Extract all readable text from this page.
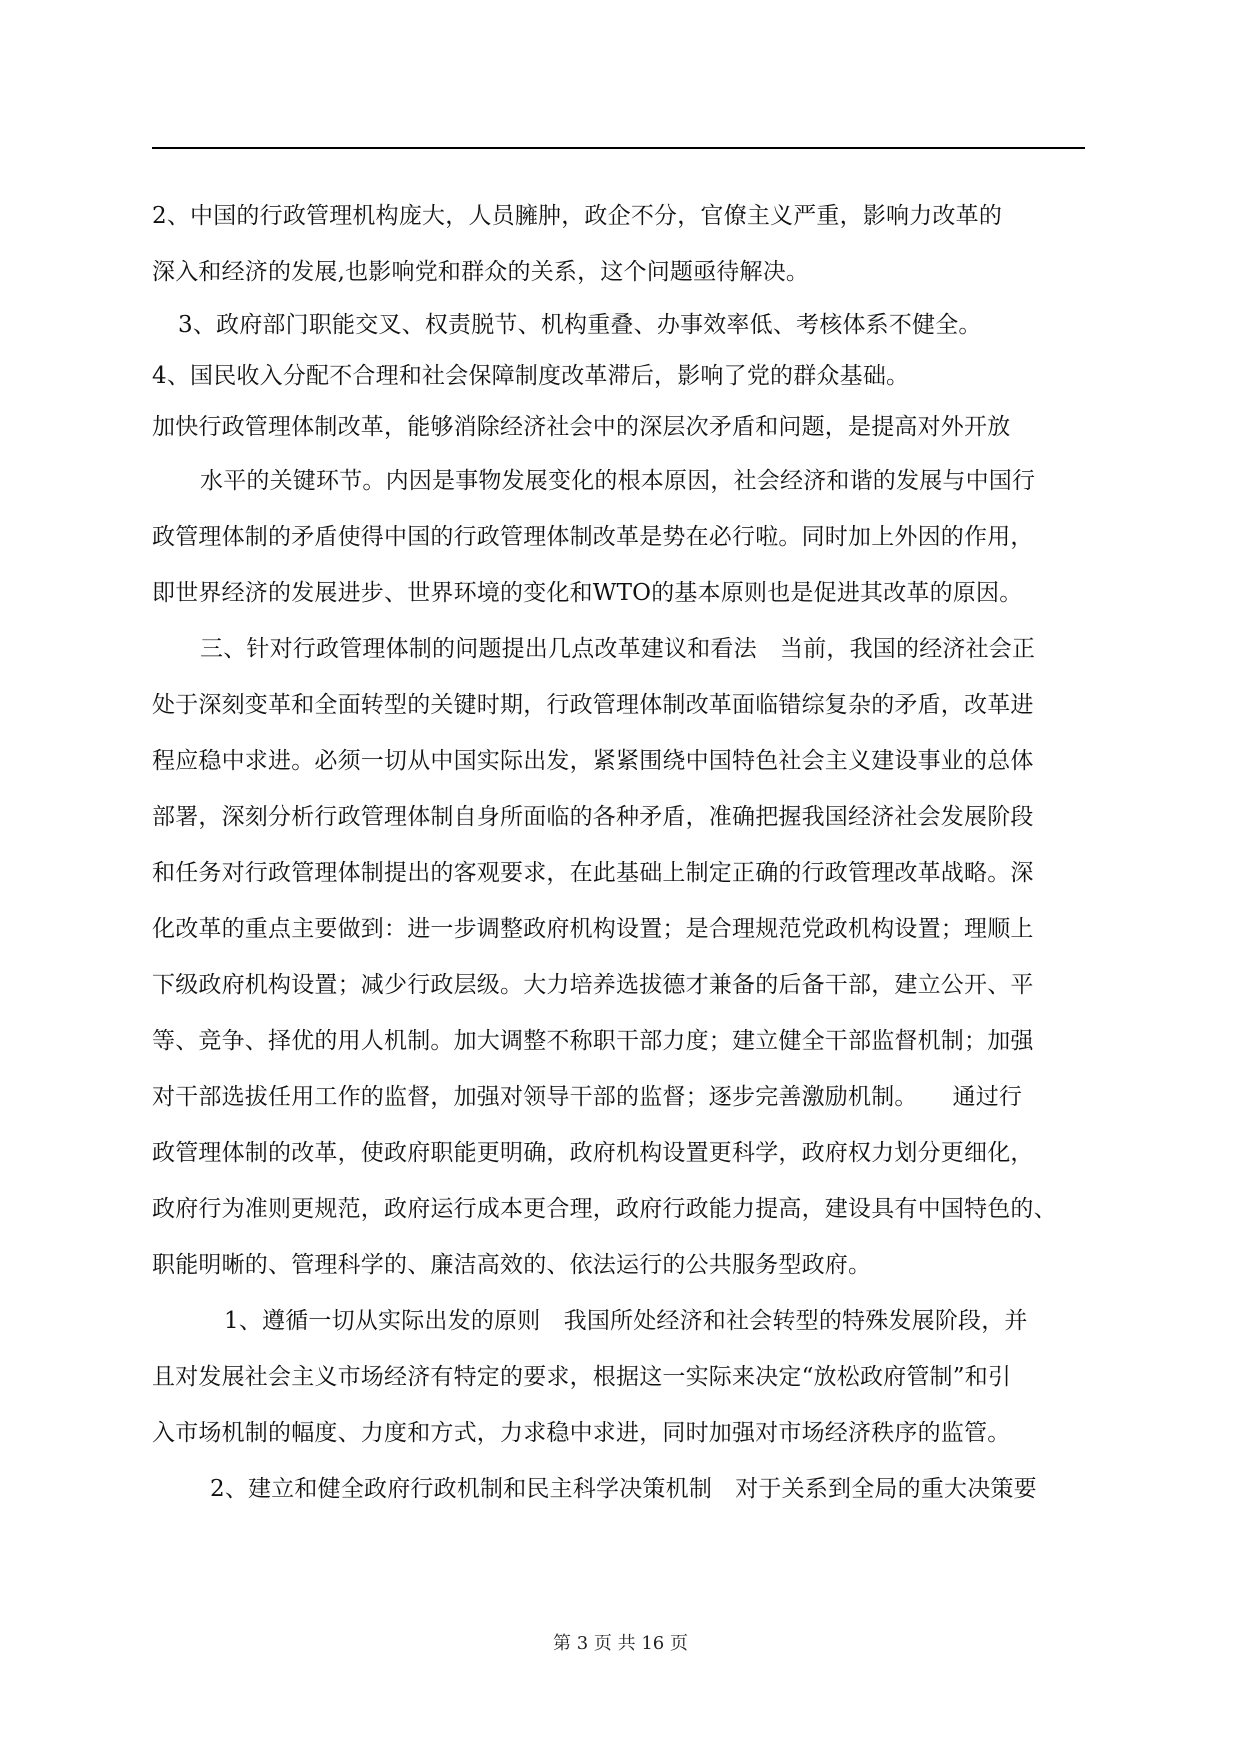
2、中国的行政管理机构庞大，人员臃肿，政企不分，官僚主义严重，影响力改革的
深入和经济的发展,也影响党和群众的关系，这个问题亟待解决。
3、政府部门职能交叉、权责脱节、机构重叠、办事效率低、考核体系不健全。
4、国民收入分配不合理和社会保障制度改革滞后，影响了党的群众基础。
加快行政管理体制改革，能够消除经济社会中的深层次矛盾和问题，是提高对外开放
水平的关键环节。内因是事物发展变化的根本原因，社会经济和谐的发展与中国行
政管理体制的矛盾使得中国的行政管理体制改革是势在必行啦。同时加上外因的作用，
即世界经济的发展进步、世界环境的变化和WTO的基本原则也是促进其改革的原因。
三、针对行政管理体制的问题提出几点改革建议和看法　当前，我国的经济社会正
处于深刻变革和全面转型的关键时期，行政管理体制改革面临错综复杂的矛盾，改革进
程应稳中求进。必须一切从中国实际出发，紧紧围绕中国特色社会主义建设事业的总体
部署，深刻分析行政管理体制自身所面临的各种矛盾，准确把握我国经济社会发展阶段
和任务对行政管理体制提出的客观要求，在此基础上制定正确的行政管理改革战略。深
化改革的重点主要做到：进一步调整政府机构设置；是合理规范党政机构设置；理顺上
下级政府机构设置；减少行政层级。大力培养选拔德才兼备的后备干部，建立公开、平
等、竞争、择优的用人机制。加大调整不称职干部力度；建立健全干部监督机制；加强
对干部选拔任用工作的监督，加强对领导干部的监督；逐步完善激励机制。　　通过行
政管理体制的改革，使政府职能更明确，政府机构设置更科学，政府权力划分更细化，
政府行为准则更规范，政府运行成本更合理，政府行政能力提高，建设具有中国特色的、
职能明晰的、管理科学的、廉洁高效的、依法运行的公共服务型政府。
1、遵循一切从实际出发的原则　我国所处经济和社会转型的特殊发展阶段，并
且对发展社会主义市场经济有特定的要求，根据这一实际来决定“放松政府管制”和引
入市场机制的幅度、力度和方式，力求稳中求进，同时加强对市场经济秩序的监管。
2、建立和健全政府行政机制和民主科学决策机制　对于关系到全局的重大决策要
第 3 页 共 16 页
